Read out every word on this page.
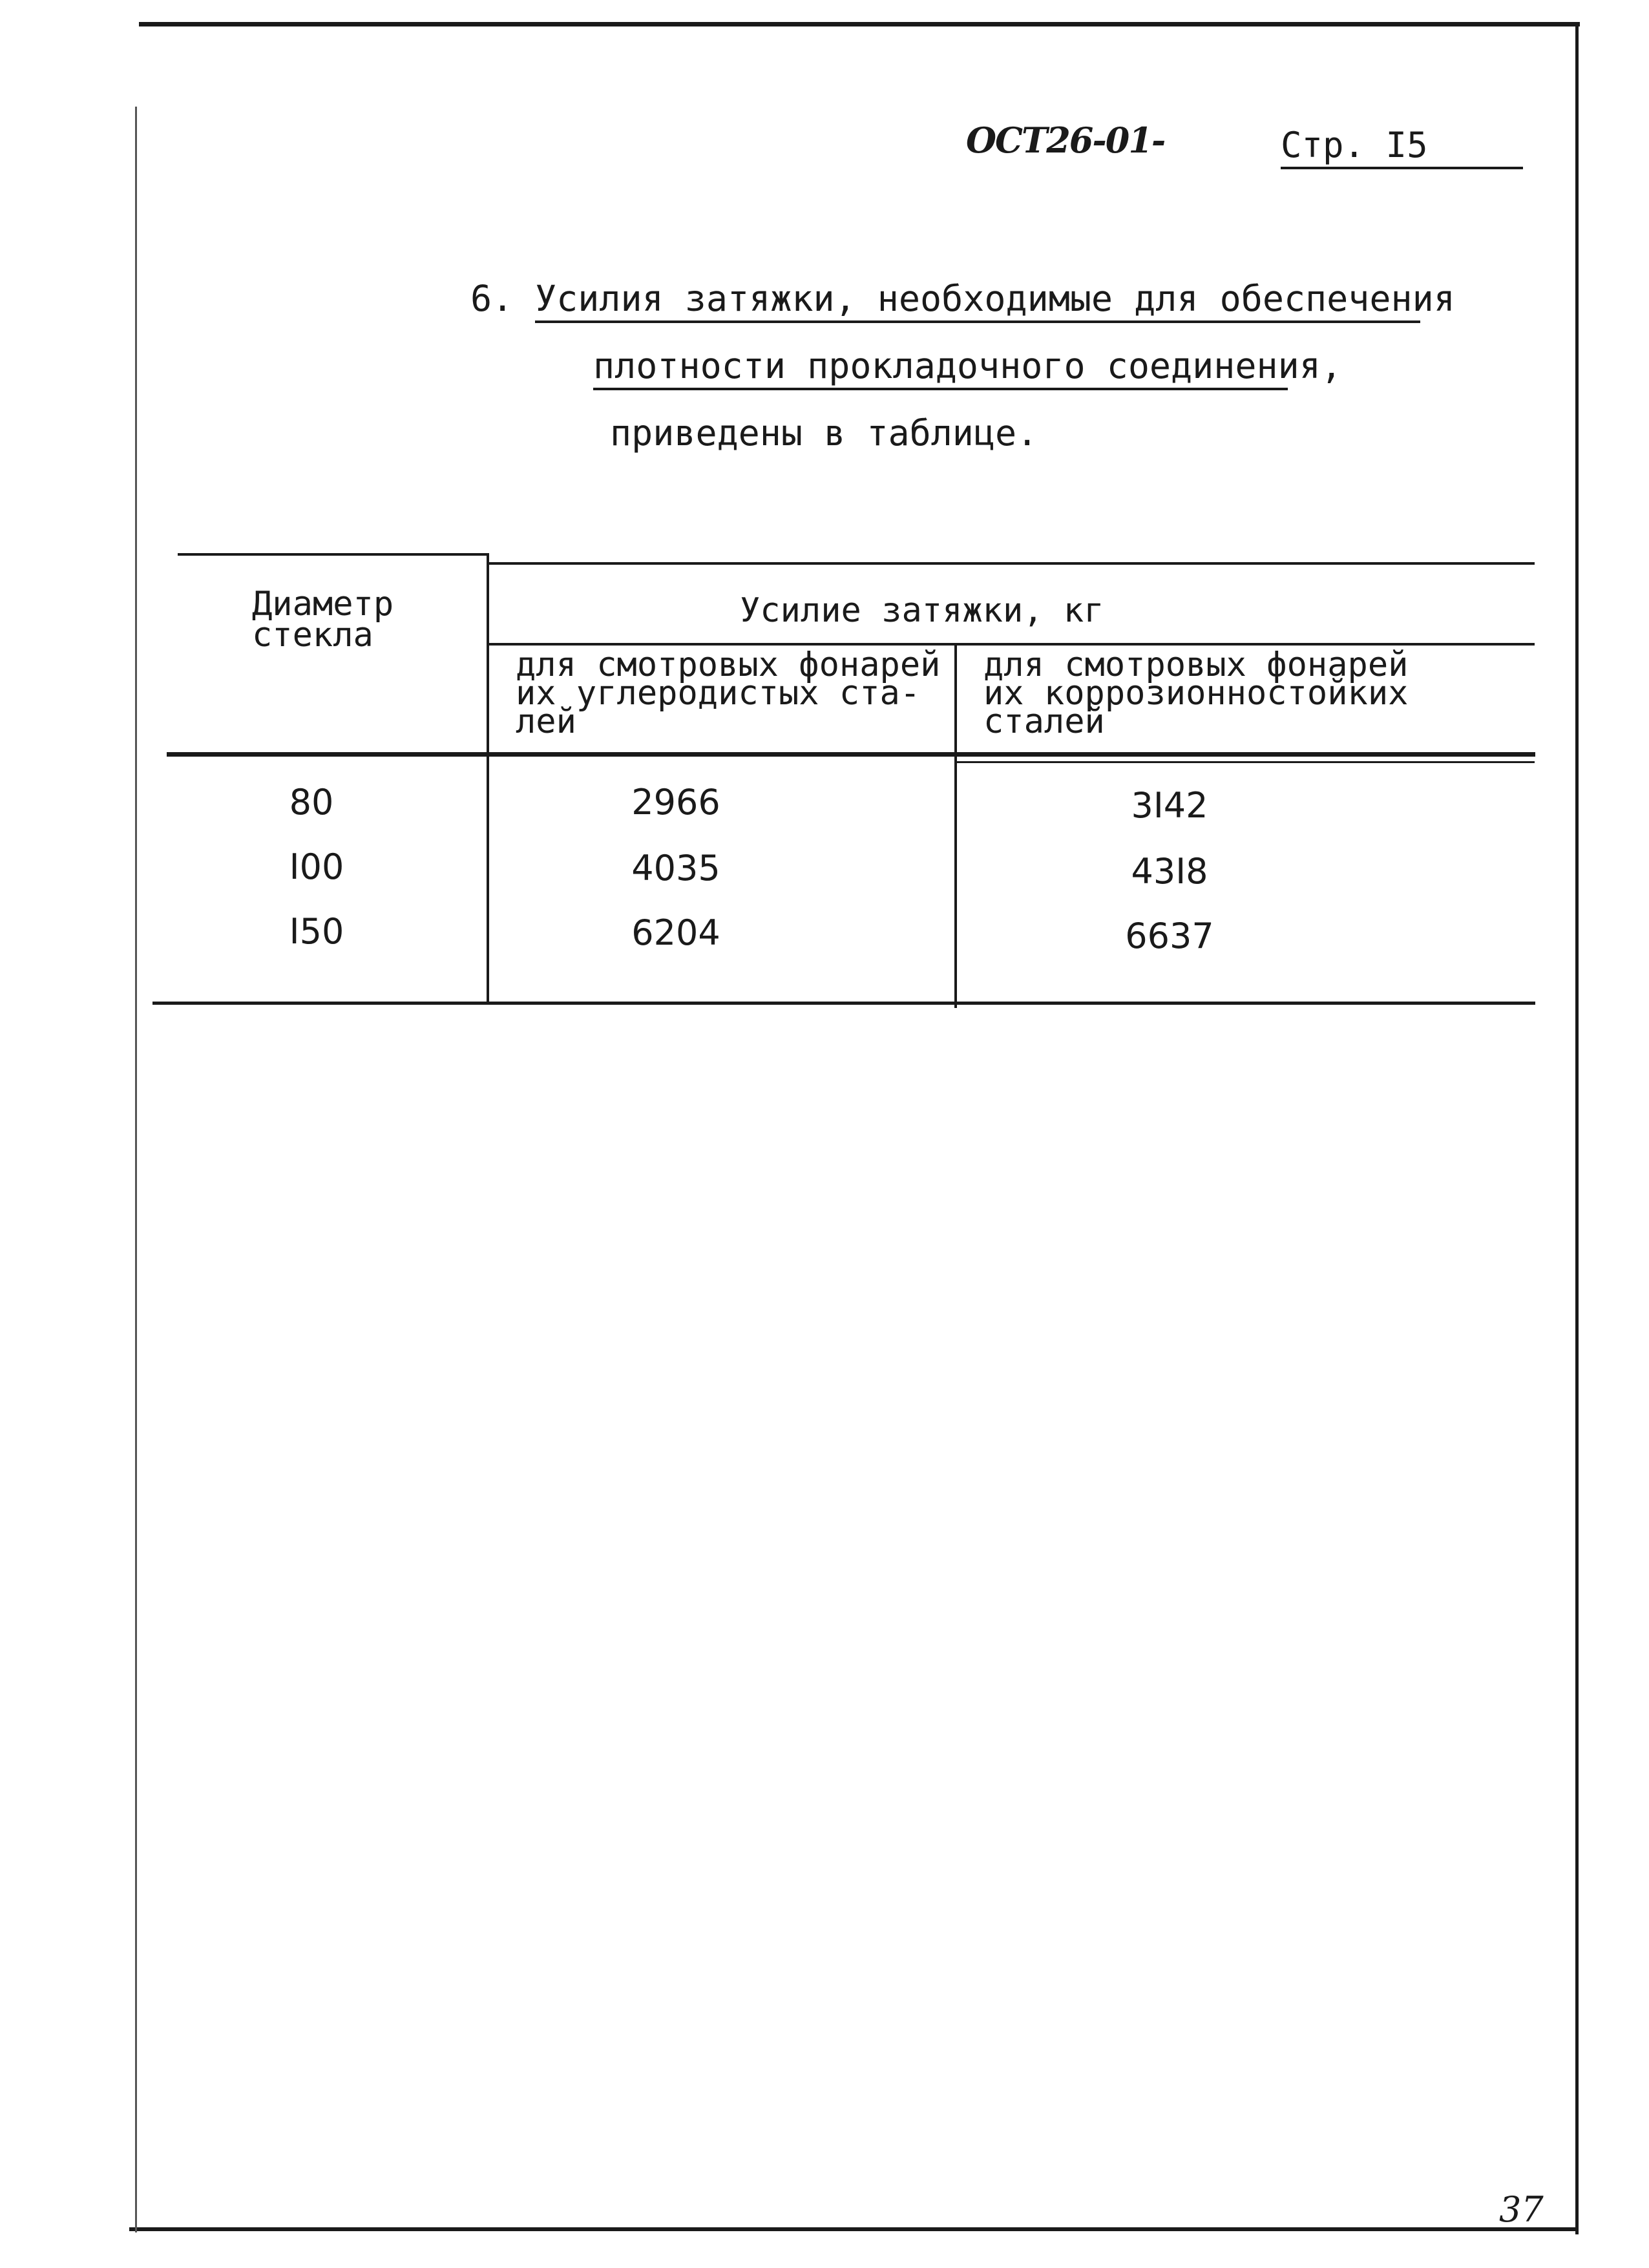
ОСТ26-01-	Стр. I5
6. Усилия затяжки, необходимые для обеспечения
плотности прокладочного соединения,
приведены в таблице.
Диаметр
стекла
Усилие затяжки, кг
для смотровых фонарей
их углеродистых ста-
лей
для смотровых фонарей
их коррозионностойких
сталей
80	2966	3I42
I00	4035	43I8
I50	6204	6637
37
